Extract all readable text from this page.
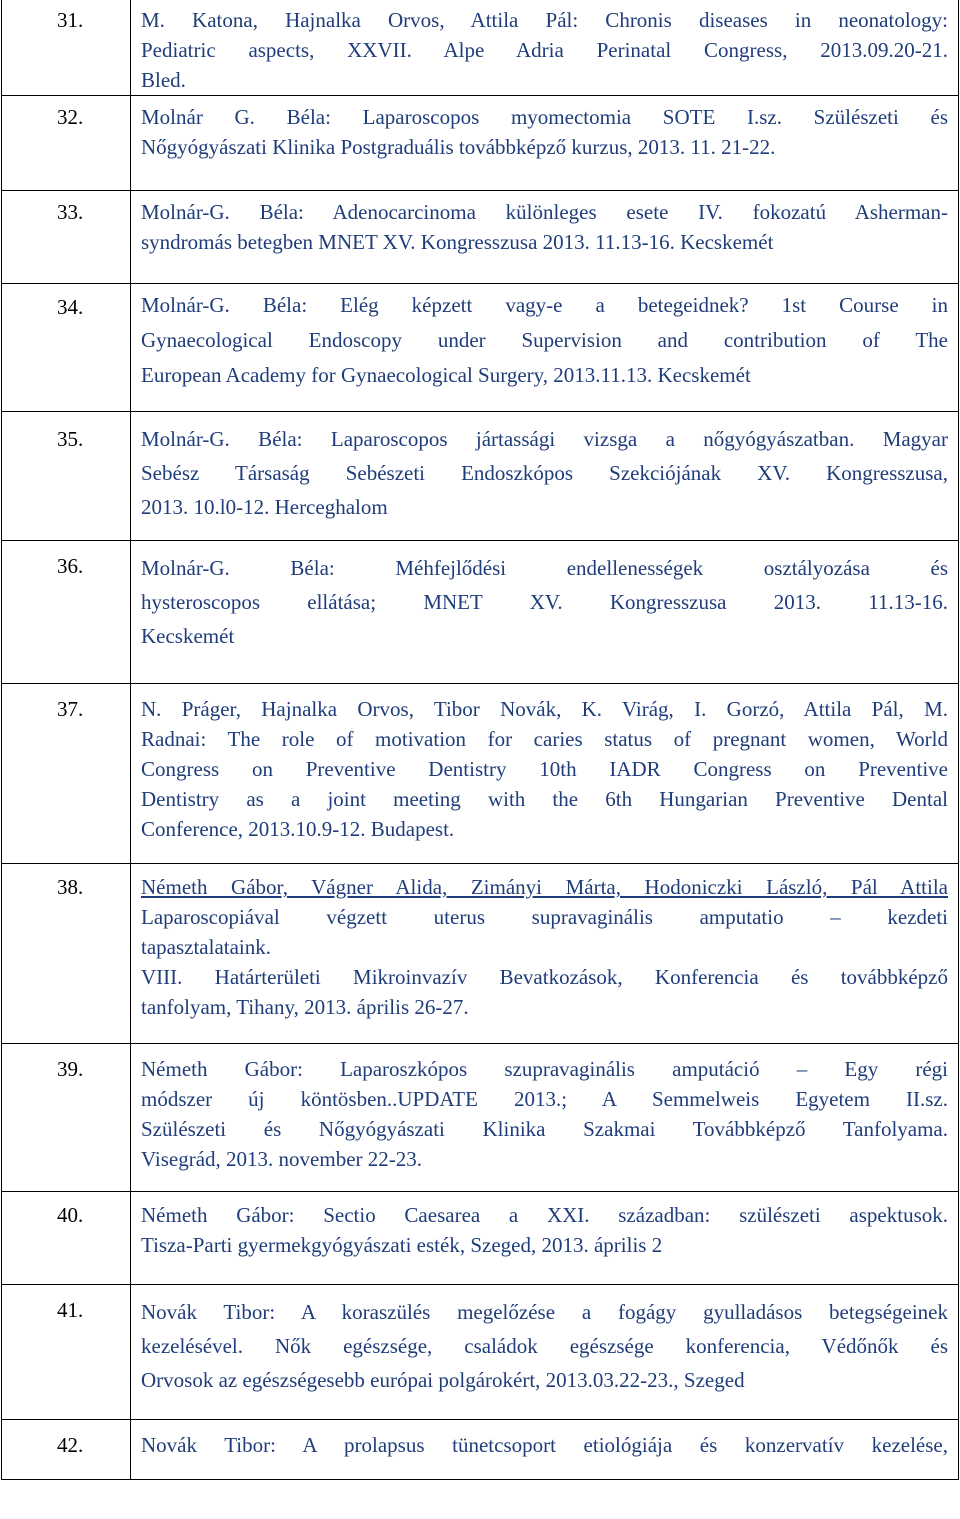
31.	M. Katona, Hajnalka Orvos, Attila Pál: Chronis diseases in neonatology:
Pediatric aspects, XXVII. Alpe Adria Perinatal Congress, 2013.09.20-21.
Bled.

32.	Molnár G. Béla: Laparoscopos myomectomia SOTE I.sz. Szülészeti és
Nőgyógyászati Klinika Postgraduális továbbképző kurzus, 2013. 11. 21-22.

33.	Molnár-G. Béla: Adenocarcinoma különleges esete IV. fokozatú Asherman-
syndromás betegben MNET XV. Kongresszusa 2013. 11.13-16. Kecskemét

34.	Molnár-G. Béla: Elég képzett vagy-e a betegeidnek? 1st Course in
Gynaecological Endoscopy under Supervision and contribution of The
European Academy for Gynaecological Surgery, 2013.11.13. Kecskemét

35.	Molnár-G. Béla: Laparoscopos jártassági vizsga a nőgyógyászatban. Magyar
Sebész Társaság Sebészeti Endoszkópos Szekciójának XV. Kongresszusa,
2013. 10.l0-12. Herceghalom

36.	Molnár-G. Béla: Méhfejlődési endellenességek osztályozása és
hysteroscopos ellátása; MNET XV. Kongresszusa 2013. 11.13-16.
Kecskemét

37.	N. Práger, Hajnalka Orvos, Tibor Novák, K. Virág, I. Gorzó, Attila Pál, M.
Radnai: The role of motivation for caries status of pregnant women, World
Congress on Preventive Dentistry 10th IADR Congress on Preventive
Dentistry as a joint meeting with the 6th Hungarian Preventive Dental
Conference, 2013.10.9-12. Budapest.

38.	Németh Gábor, Vágner Alida, Zimányi Márta, Hodoniczki László, Pál Attila
Laparoscopiával végzett uterus supravaginális amputatio – kezdeti
tapasztalataink.
VIII. Határterületi Mikroinvazív Bevatkozások, Konferencia és továbbképző
tanfolyam, Tihany, 2013. április 26-27.

39.	Németh Gábor: Laparoszkópos szupravaginális amputáció – Egy régi
módszer új köntösben..UPDATE 2013.; A Semmelweis Egyetem II.sz.
Szülészeti és Nőgyógyászati Klinika Szakmai Továbbképző Tanfolyama.
Visegrád, 2013. november 22-23.

40.	Németh Gábor: Sectio Caesarea a XXI. században: szülészeti aspektusok.
Tisza-Parti gyermekgyógyászati esték, Szeged, 2013. április 2

41.	Novák Tibor: A koraszülés megelőzése a fogágy gyulladásos betegségeinek
kezelésével. Nők egészsége, családok egészsége konferencia, Védőnők és
Orvosok az egészségesebb európai polgárokért, 2013.03.22-23., Szeged

42.	Novák Tibor: A prolapsus tünetcsoport etiológiája és konzervatív kezelése,
